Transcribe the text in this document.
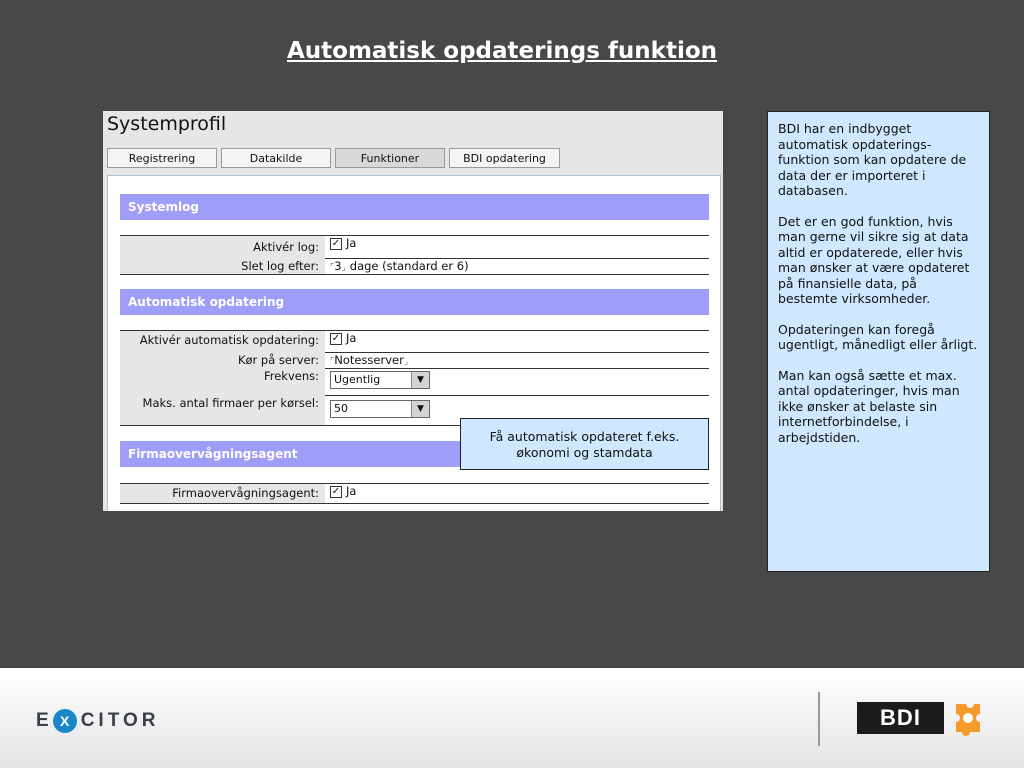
Automatisk opdaterings funktion
Systemprofil
Registrering	Datakilde	Funktioner	BDI opdatering
Systemlog
Aktivér log:	✓ Ja
Slet log efter:	⌜3⌟ dage (standard er 6)
Automatisk opdatering
Aktivér automatisk opdatering:	✓ Ja
Kør på server:	⌜Notesserver⌟
Frekvens:	Ugentlig	▼
Maks. antal firmaer per kørsel:	50	▼
Firmaovervågningsagent
Firmaovervågningsagent:	✓ Ja
Få automatisk opdateret f.eks. økonomi og stamdata

BDI har en indbygget automatisk opdaterings-funktion som kan opdatere de data der er importeret i databasen.

Det er en god funktion, hvis man gerne vil sikre sig at data altid er opdaterede, eller hvis man ønsker at være opdateret på finansielle data, på bestemte virksomheder.

Opdateringen kan foregå ugentligt, månedligt eller årligt.

Man kan også sætte et max. antal opdateringer, hvis man ikke ønsker at belaste sin internetforbindelse, i arbejdstiden.

E X CITOR	BDI
